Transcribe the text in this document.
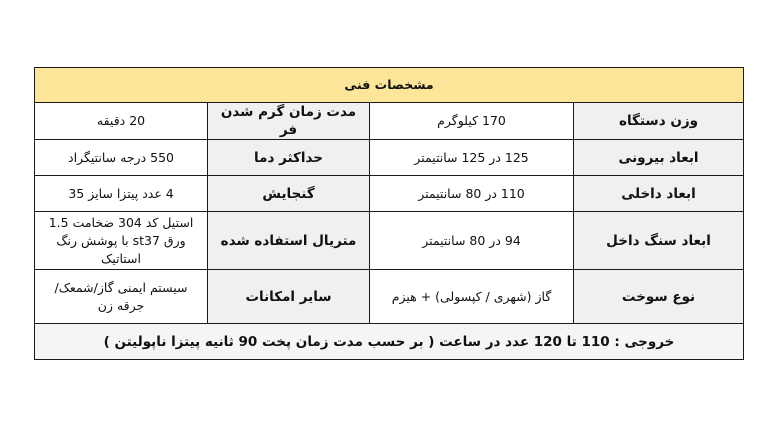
مشخصات فنی			
وزن دستگاه	170 کیلوگرم	مدت زمان گرم شدن فر	20 دقیقه
ابعاد بیرونی	125 در 125 سانتیمتر	حداکثر دما	550 درجه سانتیگراد
ابعاد داخلی	110 در 80 سانتیمتر	گنجایش	4 عدد پیتزا سایز 35
ابعاد سنگ داخل	94 در 80 سانتیمتر	متریال استفاده شده	استیل کد 304 ضخامت 1.5
ورق st37 با پوشش رنگ استاتیک

نوع سوخت	گاز (شهری / کپسولی) + هیزم	سایر امکانات	سیستم ایمنی گاز/شمعک/
جرقه زن

خروجی : 110 تا 120 عدد در ساعت ( بر حسب مدت زمان پخت 90 ثانیه پیتزا ناپولیتن )			
